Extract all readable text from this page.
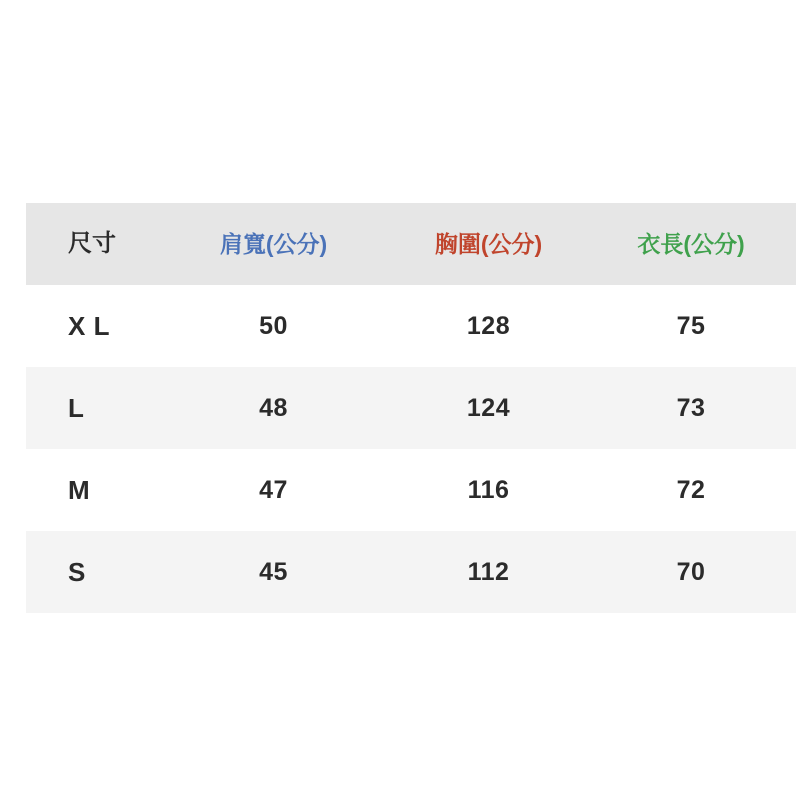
尺寸	肩寬(公分)	胸圍(公分)	衣長(公分)
X L	50	128	75
L	48	124	73
M	47	116	72
S	45	112	70
